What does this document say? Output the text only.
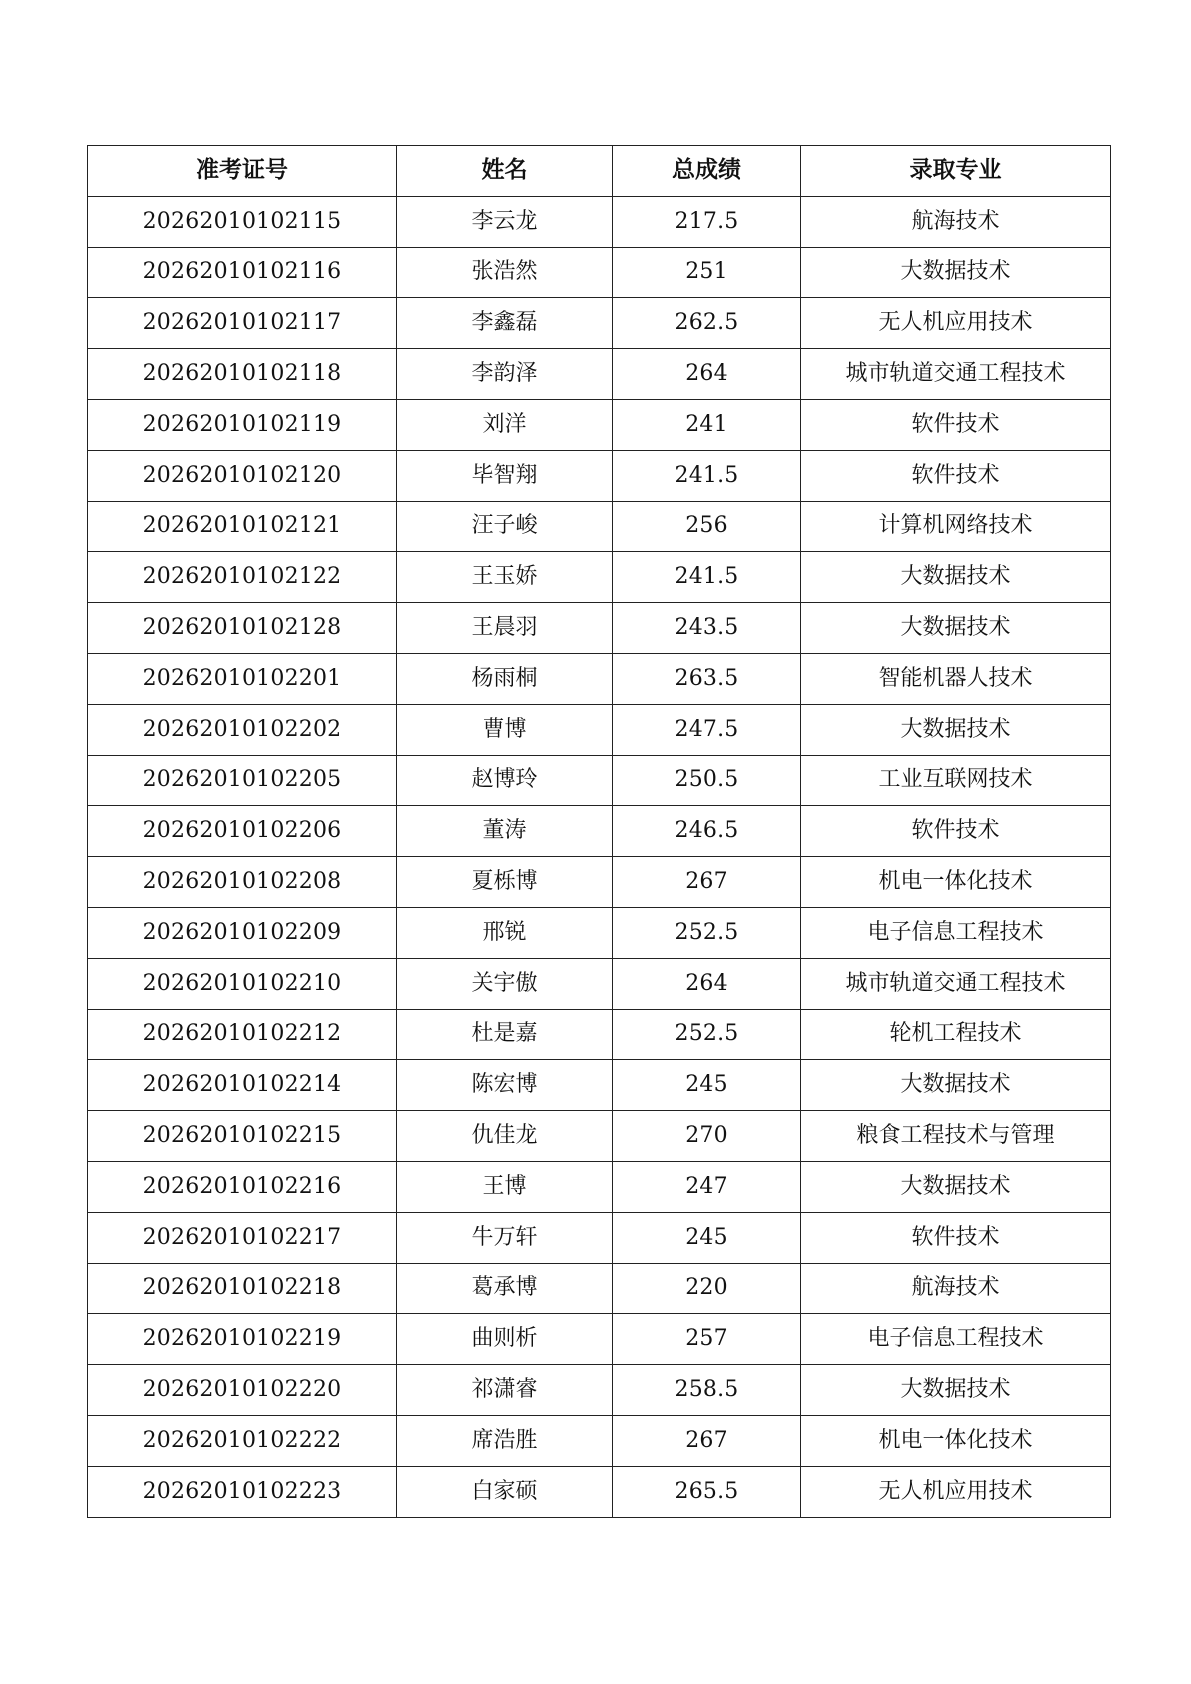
准考证号	姓名	总成绩	录取专业
20262010102115	李云龙	217.5	航海技术
20262010102116	张浩然	251	大数据技术
20262010102117	李鑫磊	262.5	无人机应用技术
20262010102118	李韵泽	264	城市轨道交通工程技术
20262010102119	刘洋	241	软件技术
20262010102120	毕智翔	241.5	软件技术
20262010102121	汪子峻	256	计算机网络技术
20262010102122	王玉娇	241.5	大数据技术
20262010102128	王晨羽	243.5	大数据技术
20262010102201	杨雨桐	263.5	智能机器人技术
20262010102202	曹博	247.5	大数据技术
20262010102205	赵博玲	250.5	工业互联网技术
20262010102206	董涛	246.5	软件技术
20262010102208	夏栎博	267	机电一体化技术
20262010102209	邢锐	252.5	电子信息工程技术
20262010102210	关宇傲	264	城市轨道交通工程技术
20262010102212	杜是嘉	252.5	轮机工程技术
20262010102214	陈宏博	245	大数据技术
20262010102215	仇佳龙	270	粮食工程技术与管理
20262010102216	王博	247	大数据技术
20262010102217	牛万轩	245	软件技术
20262010102218	葛承博	220	航海技术
20262010102219	曲则析	257	电子信息工程技术
20262010102220	祁潇睿	258.5	大数据技术
20262010102222	席浩胜	267	机电一体化技术
20262010102223	白家硕	265.5	无人机应用技术
